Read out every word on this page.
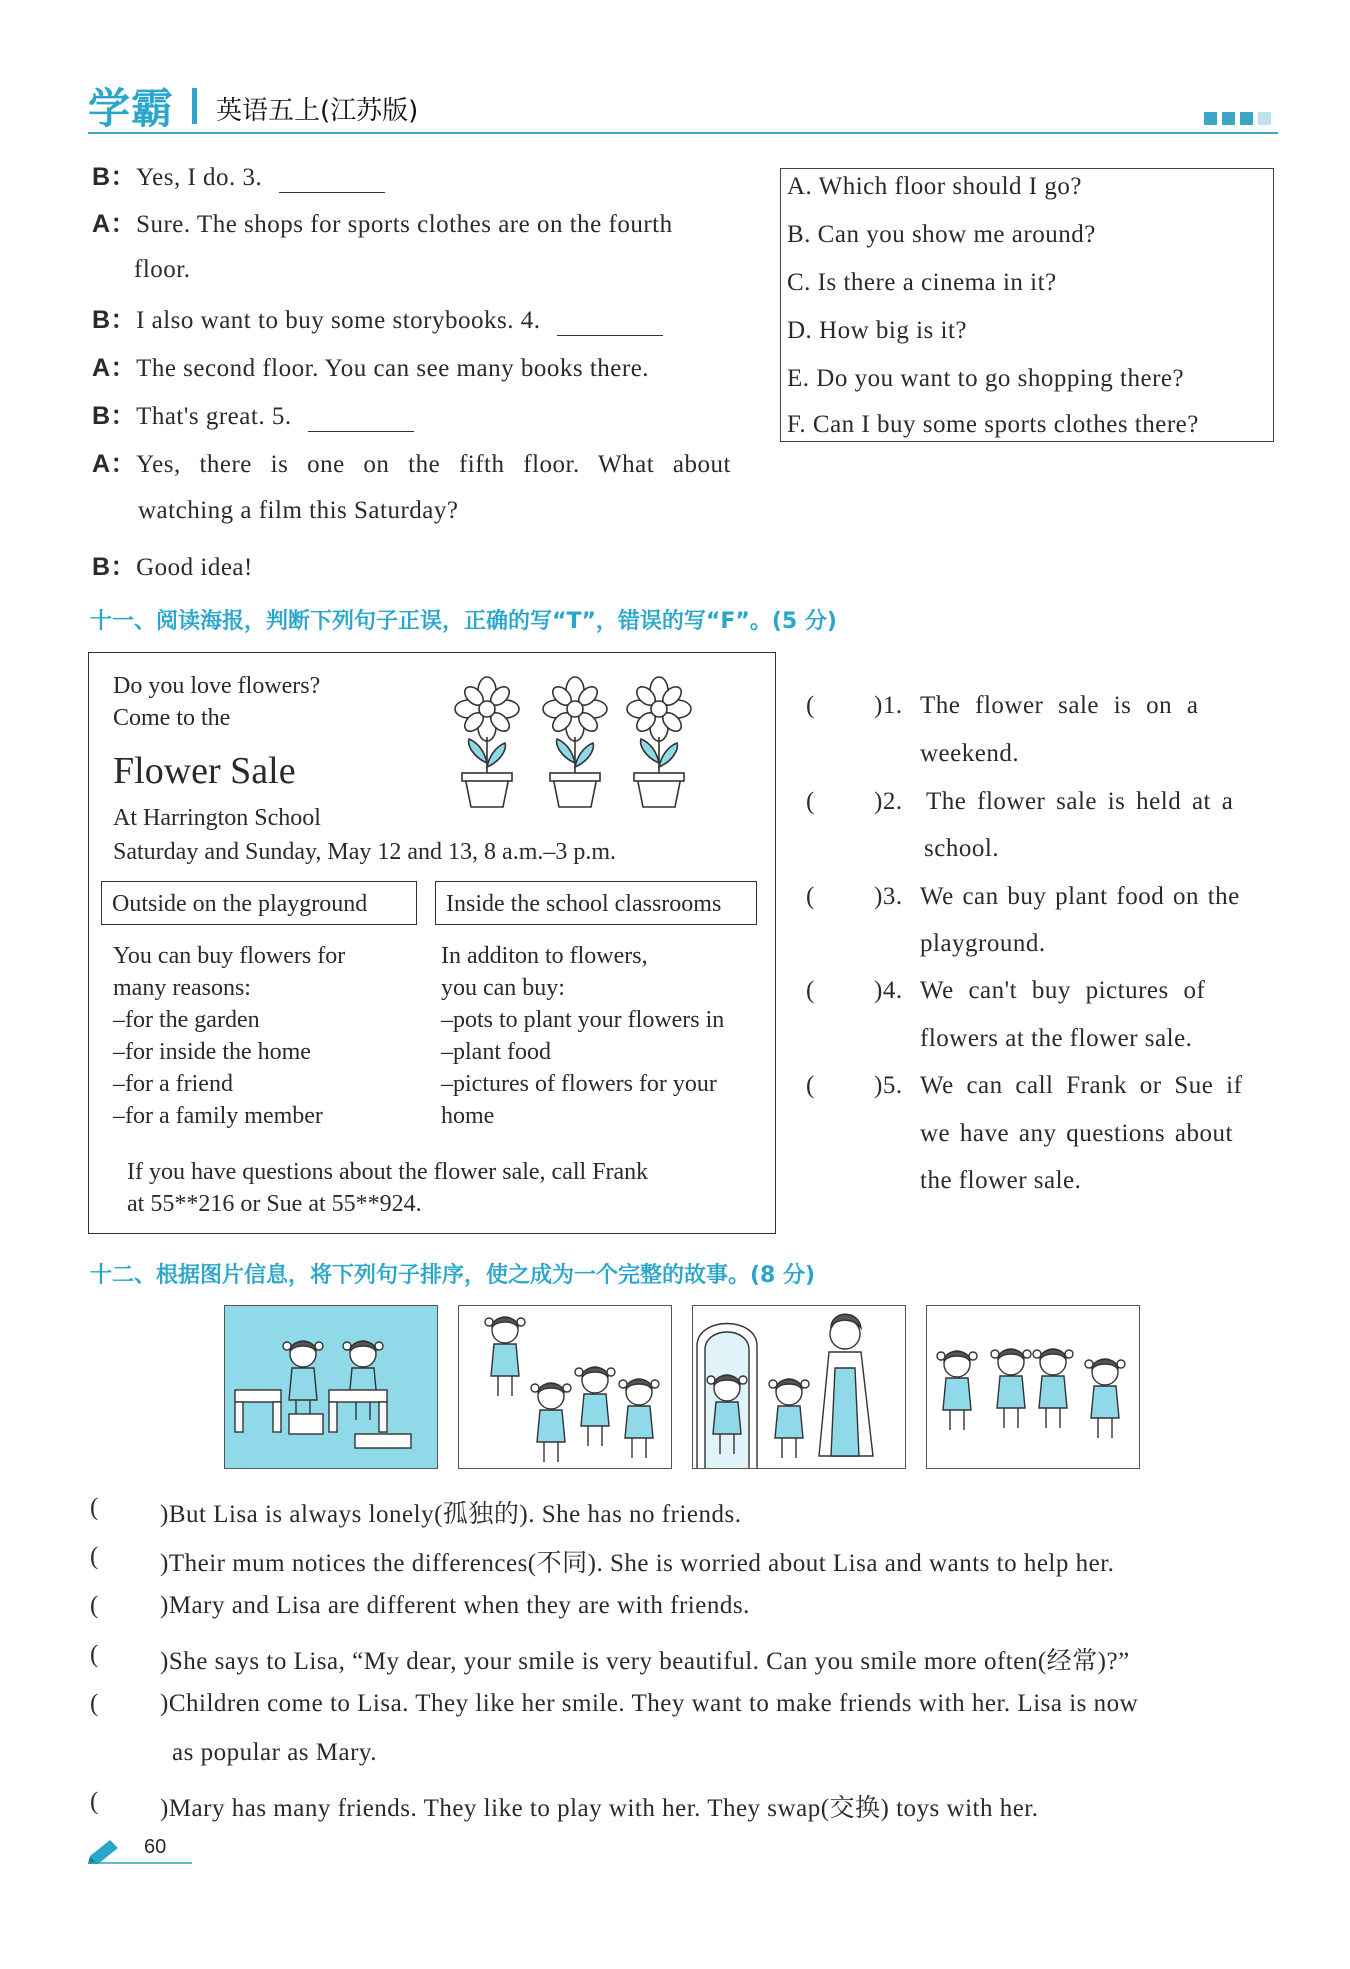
学霸 英语五上(江苏版)
B：Yes, I do. 3.
A：Sure. The shops for sports clothes are on the fourth
floor.
B：I also want to buy some storybooks. 4.
A：The second floor. You can see many books there.
B：That's great. 5.
A：Yes, there is one on the fifth floor. What about
watching a film this Saturday?
B：Good idea!
A. Which floor should I go?
B. Can you show me around?
C. Is there a cinema in it?
D. How big is it?
E. Do you want to go shopping there?
F. Can I buy some sports clothes there?
十一、阅读海报，判断下列句子正误，正确的写“T”，错误的写“F”。(5 分)
Do you love flowers?
Come to the
Flower Sale
At Harrington School
Saturday and Sunday, May 12 and 13, 8 a.m.–3 p.m.
Outside on the playground	Inside the school classrooms
You can buy flowers for
many reasons:
–for the garden
–for inside the home
–for a friend
–for a family member
In additon to flowers,
you can buy:
–pots to plant your flowers in
–plant food
–pictures of flowers for your
home
If you have questions about the flower sale, call Frank
at 55**216 or Sue at 55**924.
( )1. The flower sale is on a
weekend.
( )2. The flower sale is held at a
school.
( )3. We can buy plant food on the
playground.
( )4. We can't buy pictures of
flowers at the flower sale.
( )5. We can call Frank or Sue if
we have any questions about
the flower sale.
十二、根据图片信息，将下列句子排序，使之成为一个完整的故事。(8 分)
( )But Lisa is always lonely(孤独的). She has no friends.
( )Their mum notices the differences(不同). She is worried about Lisa and wants to help her.
( )Mary and Lisa are different when they are with friends.
( )She says to Lisa, “My dear, your smile is very beautiful. Can you smile more often(经常)?”
( )Children come to Lisa. They like her smile. They want to make friends with her. Lisa is now
as popular as Mary.
( )Mary has many friends. They like to play with her. They swap(交换) toys with her.
60
